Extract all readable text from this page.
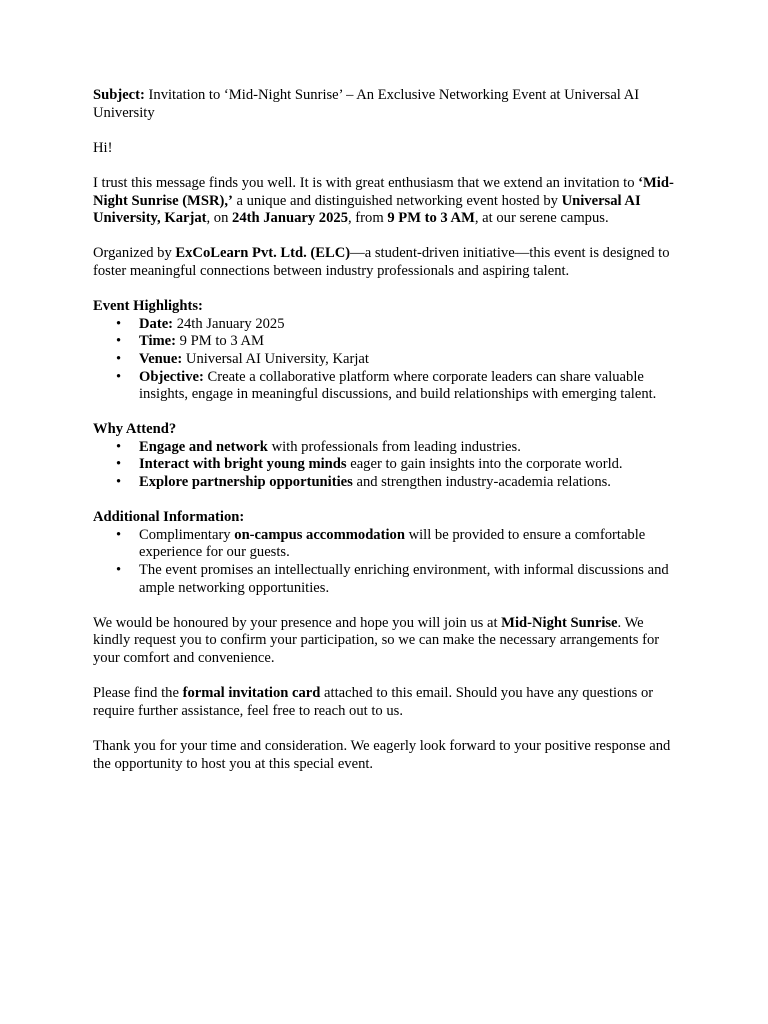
Subject: Invitation to ‘Mid-Night Sunrise’ – An Exclusive Networking Event at Universal AI University

Hi!

I trust this message finds you well. It is with great enthusiasm that we extend an invitation to ‘Mid-Night Sunrise (MSR),’ a unique and distinguished networking event hosted by Universal AI University, Karjat, on 24th January 2025, from 9 PM to 3 AM, at our serene campus.

Organized by ExCoLearn Pvt. Ltd. (ELC)—a student-driven initiative—this event is designed to foster meaningful connections between industry professionals and aspiring talent.

Event Highlights:
• Date: 24th January 2025
• Time: 9 PM to 3 AM
• Venue: Universal AI University, Karjat
• Objective: Create a collaborative platform where corporate leaders can share valuable insights, engage in meaningful discussions, and build relationships with emerging talent.
Why Attend?
• Engage and network with professionals from leading industries.
• Interact with bright young minds eager to gain insights into the corporate world.
• Explore partnership opportunities and strengthen industry-academia relations.
Additional Information:
• Complimentary on-campus accommodation will be provided to ensure a comfortable experience for our guests.
• The event promises an intellectually enriching environment, with informal discussions and ample networking opportunities.

We would be honoured by your presence and hope you will join us at Mid-Night Sunrise. We kindly request you to confirm your participation, so we can make the necessary arrangements for your comfort and convenience.

Please find the formal invitation card attached to this email. Should you have any questions or require further assistance, feel free to reach out to us.

Thank you for your time and consideration. We eagerly look forward to your positive response and the opportunity to host you at this special event.
